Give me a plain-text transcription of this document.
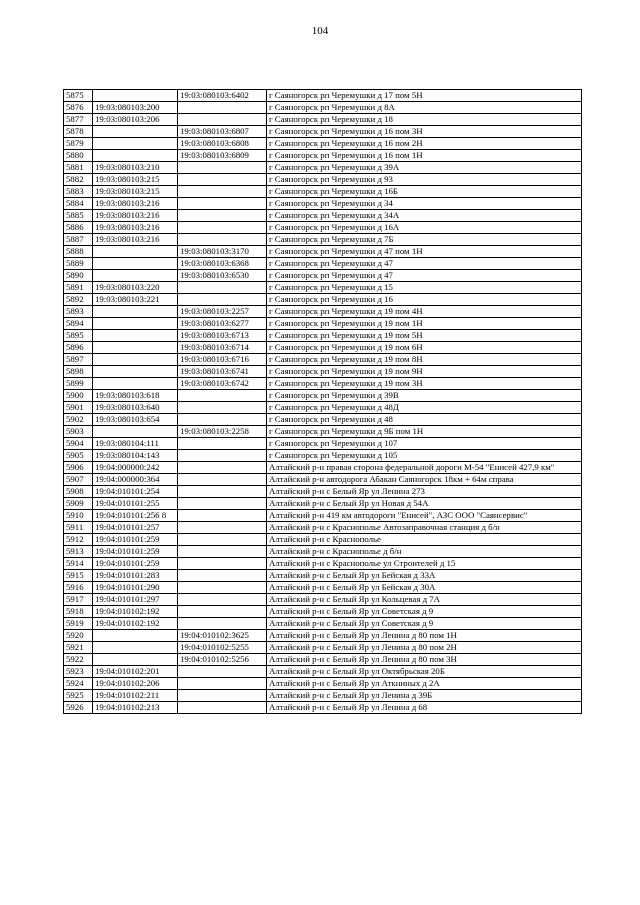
104
5875		19:03:080103:6402	г Саяногорск рп Черемушки д 17 пом 5Н
5876	19:03:080103:200		г Саяногорск рп Черемушки д 8А
5877	19:03:080103:206		г Саяногорск рп Черемушки д 18
5878		19:03:080103:6807	г Саяногорск рп Черемушки д 16 пом 3Н
5879		19:03:080103:6808	г Саяногорск рп Черемушки д 16 пом 2Н
5880		19:03:080103:6809	г Саяногорск рп Черемушки д 16 пом 1Н
5881	19:03:080103:210		г Саяногорск рп Черемушки д 39А
5882	19:03:080103:215		г Саяногорск рп Черемушки д 93
5883	19:03:080103:215		г Саяногорск рп Черемушки д 16Б
5884	19:03:080103:216		г Саяногорск рп Черемушки д 34
5885	19:03:080103:216		г Саяногорск рп Черемушки д 34А
5886	19:03:080103:216		г Саяногорск рп Черемушки д 16А
5887	19:03:080103:216		г Саяногорск рп Черемушки д 7Б
5888		19:03:080103:3170	г Саяногорск рп Черемушки д 47 пом 1Н
5889		19:03:080103:6368	г Саяногорск рп Черемушки д 47
5890		19:03:080103:6530	г Саяногорск рп Черемушки д 47
5891	19:03:080103:220		г Саяногорск рп Черемушки д 15
5892	19:03:080103:221		г Саяногорск рп Черемушки д 16
5893		19:03:080103:2257	г Саяногорск рп Черемушки д 19 пом 4Н
5894		19:03:080103:6277	г Саяногорск рп Черемушки д 19 пом 1Н
5895		19:03:080103:6713	г Саяногорск рп Черемушки д 19 пом 5Н
5896		19:03:080103:6714	г Саяногорск рп Черемушки д 19 пом 6Н
5897		19:03:080103:6716	г Саяногорск рп Черемушки д 19 пом 8Н
5898		19:03:080103:6741	г Саяногорск рп Черемушки д 19 пом 9Н
5899		19:03:080103:6742	г Саяногорск рп Черемушки д 19 пом 3Н
5900	19:03:080103:618		г Саяногорск рп Черемушки д 39В
5901	19:03:080103:640		г Саяногорск рп Черемушки д 48Д
5902	19:03:080103:654		г Саяногорск рп Черемушки д 48
5903		19:03:080103:2258	г Саяногорск рп Черемушки д 9Б пом 1Н
5904	19:03:080104:111		г Саяногорск рп Черемушки д 107
5905	19:03:080104:143		г Саяногорск рп Черемушки д 105
5906	19:04:000000:242		Алтайский р-н правая сторона федеральной дороги М-54 "Енисей 427,9 км"
5907	19:04:000000:364		Алтайский р-н автодорога Абакан Саяногорск 18км + 64м справа
5908	19:04:010101:254		Алтайский р-н с Белый Яр ул Ленина 273
5909	19:04:010101:255		Алтайский р-н с Белый Яр ул Новая д 54А
5910	19:04:010101:256 8		Алтайский р-н 419 км автодороги "Енисей", АЗС ООО "Саянсервис"
5911	19:04:010101:257		Алтайский р-н с Краснополье Автозаправочная станция д б/н
5912	19:04:010101:259		Алтайский р-н с Краснополье
5913	19:04:010101:259		Алтайский р-н с Краснополье д б/н
5914	19:04:010101:259		Алтайский р-н с Краснополье ул Строителей д 15
5915	19:04:010101:283		Алтайский р-н с Белый Яр ул Бейская д 33А
5916	19:04:010101:290		Алтайский р-н с Белый Яр ул Бейская д 30А
5917	19:04:010101:297		Алтайский р-н с Белый Яр ул Кольцевая д 7А
5918	19:04:010102:192		Алтайский р-н с Белый Яр ул Советская д 9
5919	19:04:010102:192		Алтайский р-н с Белый Яр ул Советская д 9
5920		19:04:010102:3625	Алтайский р-н с Белый Яр ул Ленина д 80 пом 1Н
5921		19:04:010102:5255	Алтайский р-н с Белый Яр ул Ленина д 80 пом 2Н
5922		19:04:010102:5256	Алтайский р-н с Белый Яр ул Ленина д 80 пом 3Н
5923	19:04:010102:201		Алтайский р-н с Белый Яр ул Октябрьская 20Б
5924	19:04:010102:206		Алтайский р-н с Белый Яр ул Аткниных д 2А
5925	19:04:010102:211		Алтайский р-н с Белый Яр ул Ленина д 39Б
5926	19:04:010102:213		Алтайский р-н с Белый Яр ул Ленина д 68
